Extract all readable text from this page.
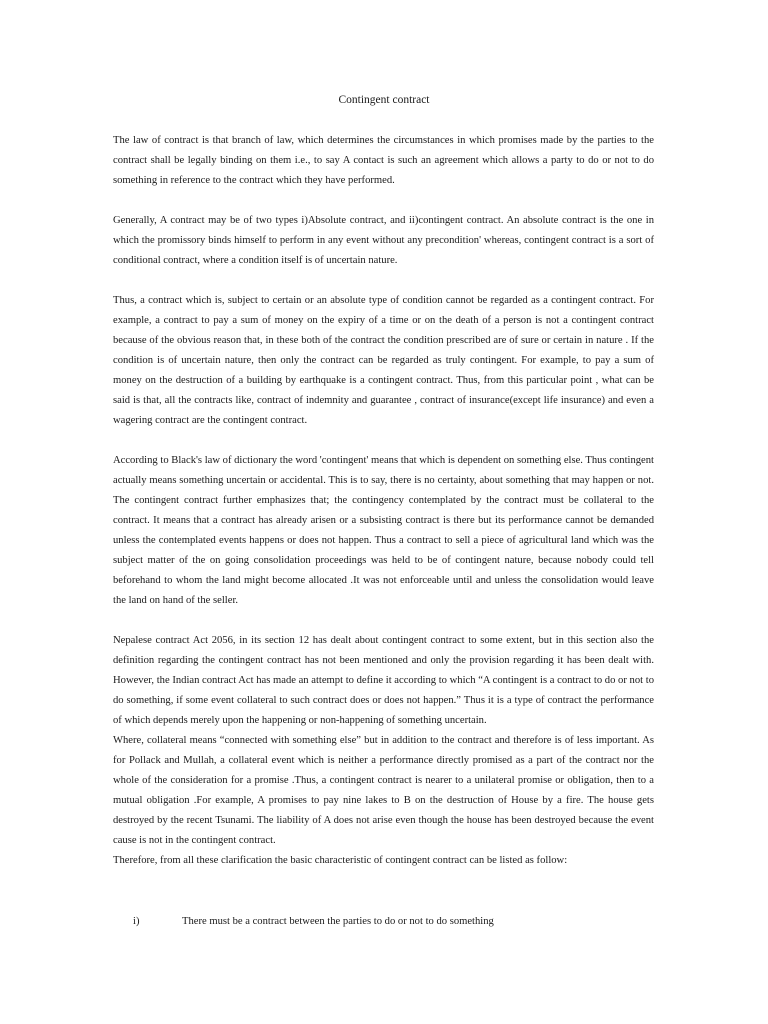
Contingent contract

The law of contract is that branch of law, which determines the circumstances in which promises made by the parties to the contract shall be legally binding on them i.e., to say A contact is such an agreement which allows a party to do or not to do something in reference to the contract which they have performed.

Generally, A contract may be of two types i)Absolute contract, and ii)contingent contract. An absolute contract is the one in which the promissory binds himself to perform in any event without any precondition' whereas, contingent contract is a sort of conditional contract, where a condition itself is of uncertain nature.

Thus, a contract which is, subject to certain or an absolute type of condition cannot be regarded as a contingent contract. For example, a contract to pay a sum of money on the expiry of a time or on the death of a person is not a contingent contract because of the obvious reason that, in these both of the contract the condition prescribed are of sure or certain in nature . If the condition is of uncertain nature, then only the contract can be regarded as truly contingent. For example, to pay a sum of money on the destruction of a building by earthquake is a contingent contract. Thus, from this particular point , what can be said is that, all the contracts like, contract of indemnity and guarantee , contract of insurance(except life insurance) and even a wagering contract are the contingent contract.

According to Black's law of dictionary the word 'contingent' means that which is dependent on something else. Thus contingent actually means something uncertain or accidental. This is to say, there is no certainty, about something that may happen or not. The contingent contract further emphasizes that; the contingency contemplated by the contract must be collateral to the contract. It means that a contract has already arisen or a subsisting contract is there but its performance cannot be demanded unless the contemplated events happens or does not happen. Thus a contract to sell a piece of agricultural land which was the subject matter of the on going consolidation proceedings was held to be of contingent nature, because nobody could tell beforehand to whom the land might become allocated .It was not enforceable until and unless the consolidation would leave the land on hand of the seller.

Nepalese contract Act 2056, in its section 12 has dealt about contingent contract to some extent, but in this section also the definition regarding the contingent contract has not been mentioned and only the provision regarding it has been dealt with. However, the Indian contract Act has made an attempt to define it according to which “A contingent is a contract to do or not to do something, if some event collateral to such contract does or does not happen.” Thus it is a type of contract the performance of which depends merely upon the happening or non-happening of something uncertain.

Where, collateral means “connected with something else” but in addition to the contract and therefore is of less important. As for Pollack and Mullah, a collateral event which is neither a performance directly promised as a part of the contract nor the whole of the consideration for a promise .Thus, a contingent contract is nearer to a unilateral promise or obligation, then to a mutual obligation .For example, A promises to pay nine lakes to B on the destruction of House by a fire. The house gets destroyed by the recent Tsunami. The liability of A does not arise even though the house has been destroyed because the event cause is not in the contingent contract.

Therefore, from all these clarification the basic characteristic of contingent contract can be listed as follow:

i)	There must be a contract between the parties to do or not to do something
